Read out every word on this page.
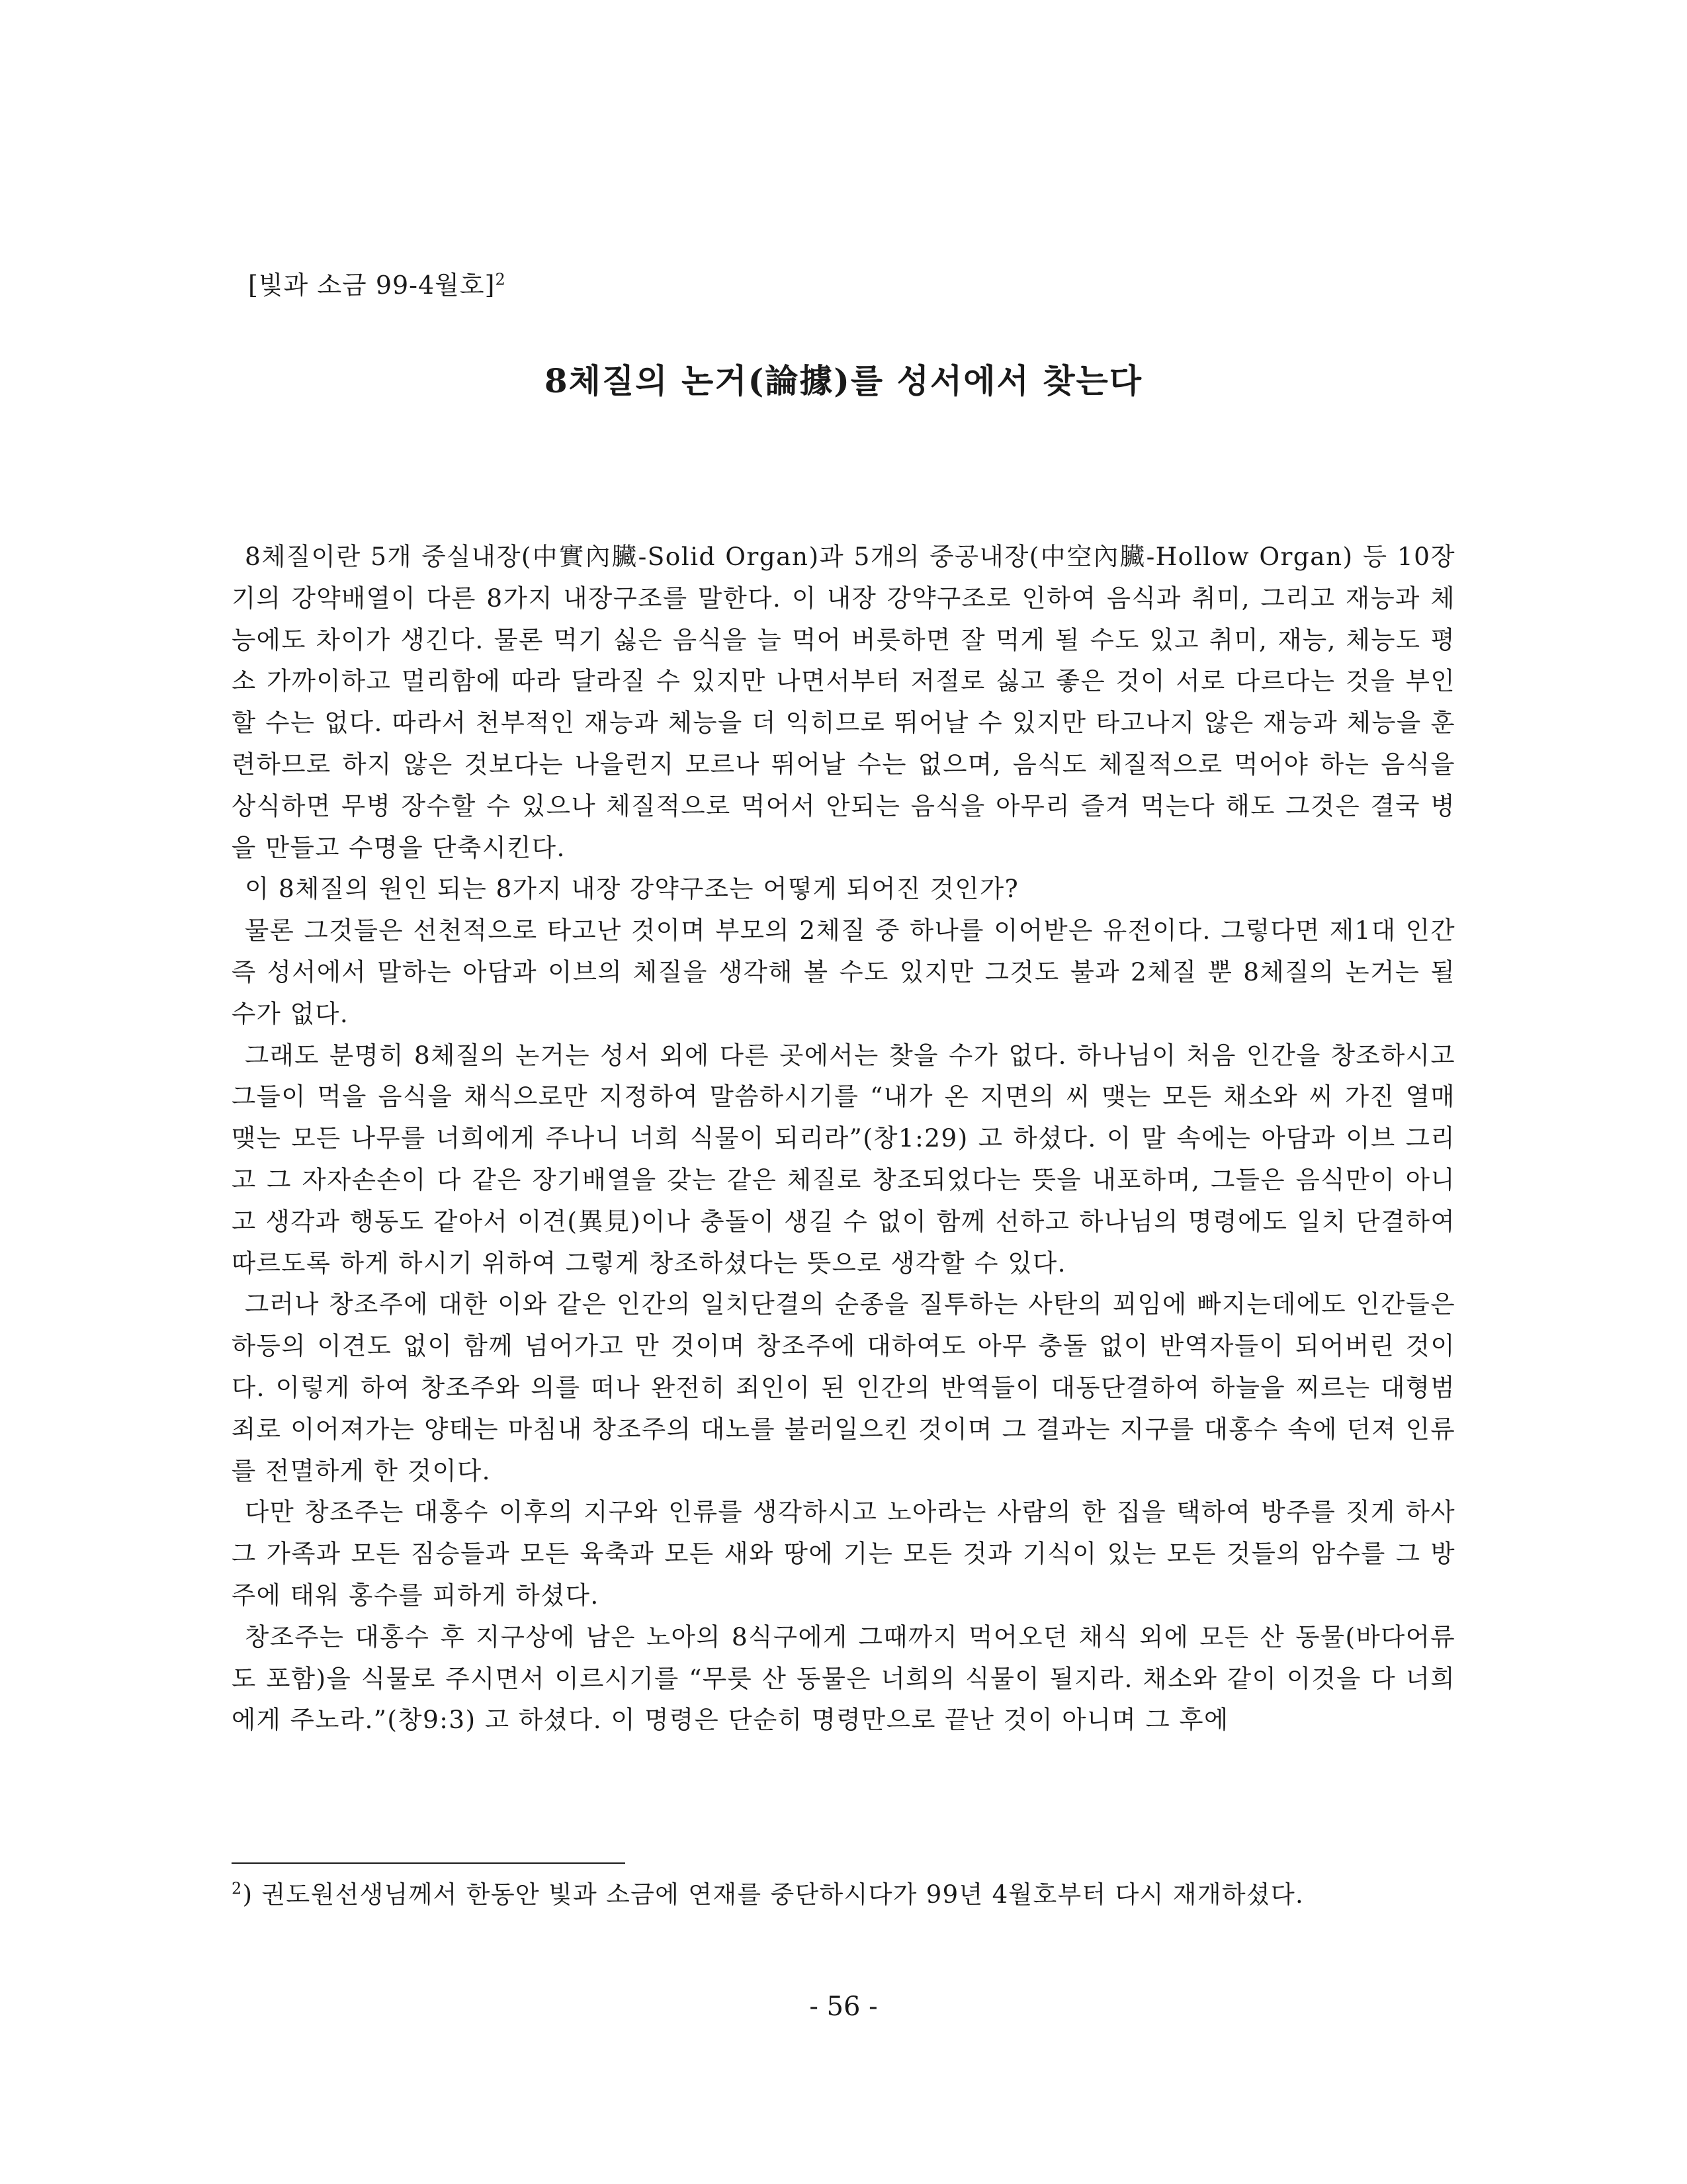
[빛과 소금 99-4월호]$^2$
8체질의 논거(論據)를 성서에서 찾는다

8체질이란 5개 중실내장(中實內臟-Solid Organ)과 5개의 중공내장(中空內臟-Hollow Organ) 등 10장기의 강약배열이 다른 8가지 내장구조를 말한다. 이 내장 강약구조로 인하여 음식과 취미, 그리고 재능과 체능에도 차이가 생긴다. 물론 먹기 싫은 음식을 늘 먹어 버릇하면 잘 먹게 될 수도 있고 취미, 재능, 체능도 평소 가까이하고 멀리함에 따라 달라질 수 있지만 나면서부터 저절로 싫고 좋은 것이 서로 다르다는 것을 부인할 수는 없다. 따라서 천부적인 재능과 체능을 더 익히므로 뛰어날 수 있지만 타고나지 않은 재능과 체능을 훈련하므로 하지 않은 것보다는 나을런지 모르나 뛰어날 수는 없으며, 음식도 체질적으로 먹어야 하는 음식을 상식하면 무병 장수할 수 있으나 체질적으로 먹어서 안되는 음식을 아무리 즐겨 먹는다 해도 그것은 결국 병을 만들고 수명을 단축시킨다.

이 8체질의 원인 되는 8가지 내장 강약구조는 어떻게 되어진 것인가?

물론 그것들은 선천적으로 타고난 것이며 부모의 2체질 중 하나를 이어받은 유전이다. 그렇다면 제1대 인간 즉 성서에서 말하는 아담과 이브의 체질을 생각해 볼 수도 있지만 그것도 불과 2체질 뿐 8체질의 논거는 될 수가 없다.

그래도 분명히 8체질의 논거는 성서 외에 다른 곳에서는 찾을 수가 없다. 하나님이 처음 인간을 창조하시고 그들이 먹을 음식을 채식으로만 지정하여 말씀하시기를 “내가 온 지면의 씨 맺는 모든 채소와 씨 가진 열매 맺는 모든 나무를 너희에게 주나니 너희 식물이 되리라”(창1:29) 고 하셨다. 이 말 속에는 아담과 이브 그리고 그 자자손손이 다 같은 장기배열을 갖는 같은 체질로 창조되었다는 뜻을 내포하며, 그들은 음식만이 아니고 생각과 행동도 같아서 이견(異見)이나 충돌이 생길 수 없이 함께 선하고 하나님의 명령에도 일치 단결하여 따르도록 하게 하시기 위하여 그렇게 창조하셨다는 뜻으로 생각할 수 있다.

그러나 창조주에 대한 이와 같은 인간의 일치단결의 순종을 질투하는 사탄의 꾀임에 빠지는데에도 인간들은 하등의 이견도 없이 함께 넘어가고 만 것이며 창조주에 대하여도 아무 충돌 없이 반역자들이 되어버린 것이다. 이렇게 하여 창조주와 의를 떠나 완전히 죄인이 된 인간의 반역들이 대동단결하여 하늘을 찌르는 대형범죄로 이어져가는 양태는 마침내 창조주의 대노를 불러일으킨 것이며 그 결과는 지구를 대홍수 속에 던져 인류를 전멸하게 한 것이다.

다만 창조주는 대홍수 이후의 지구와 인류를 생각하시고 노아라는 사람의 한 집을 택하여 방주를 짓게 하사 그 가족과 모든 짐승들과 모든 육축과 모든 새와 땅에 기는 모든 것과 기식이 있는 모든 것들의 암수를 그 방주에 태워 홍수를 피하게 하셨다.

창조주는 대홍수 후 지구상에 남은 노아의 8식구에게 그때까지 먹어오던 채식 외에 모든 산 동물(바다어류도 포함)을 식물로 주시면서 이르시기를 “무릇 산 동물은 너희의 식물이 될지라. 채소와 같이 이것을 다 너희에게 주노라.”(창9:3) 고 하셨다. 이 명령은 단순히 명령만으로 끝난 것이 아니며 그 후에

$^2$) 권도원선생님께서 한동안 빛과 소금에 연재를 중단하시다가 99년 4월호부터 다시 재개하셨다.
- 56 -
